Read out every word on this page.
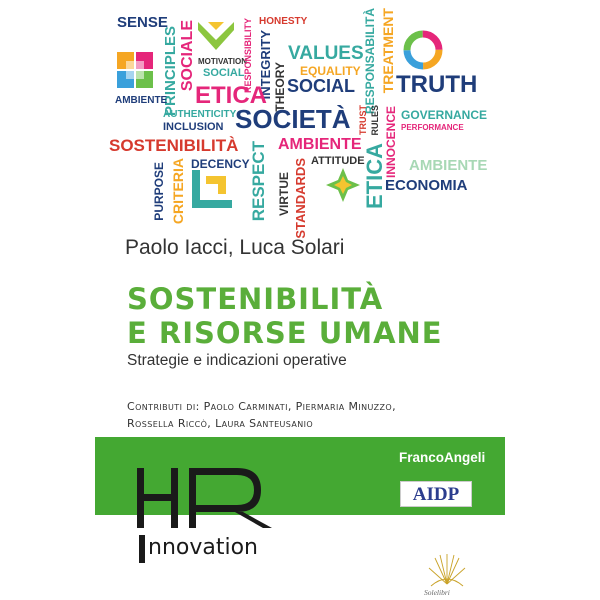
SENSE
PRINCIPLES SOCIALE MOTIVATION
RESPONSIBILITY HONESTY
INTEGRITY	RESPONSABILITÀ TREATMENT
SOCIAL THEORY
VALUES
EQUALITY
SOCIAL TRUTH
AMBIENTE ETICA
AUTHENTICITY
INCLUSION SOCIETÀ TRUST RULES INNOCENCE GOVERNANCE
PERFORMANCE
SOSTENIBILITÀ RESPECT AMBIENTE ETICA AMBIENTE
DECENCY	ATTITUDE
PURPOSE CRITERIA	VIRTUE STANDARDS	ECONOMIA
Paolo Iacci, Luca Solari
SOSTENIBILITÀ
E RISORSE UMANE
Strategie e indicazioni operative
Contributi di: Paolo Carminati, Piermaria Minuzzo,
Rossella Riccò, Laura Santeusanio
nnovation
FrancoAngeli
AIDP
Solelibri
